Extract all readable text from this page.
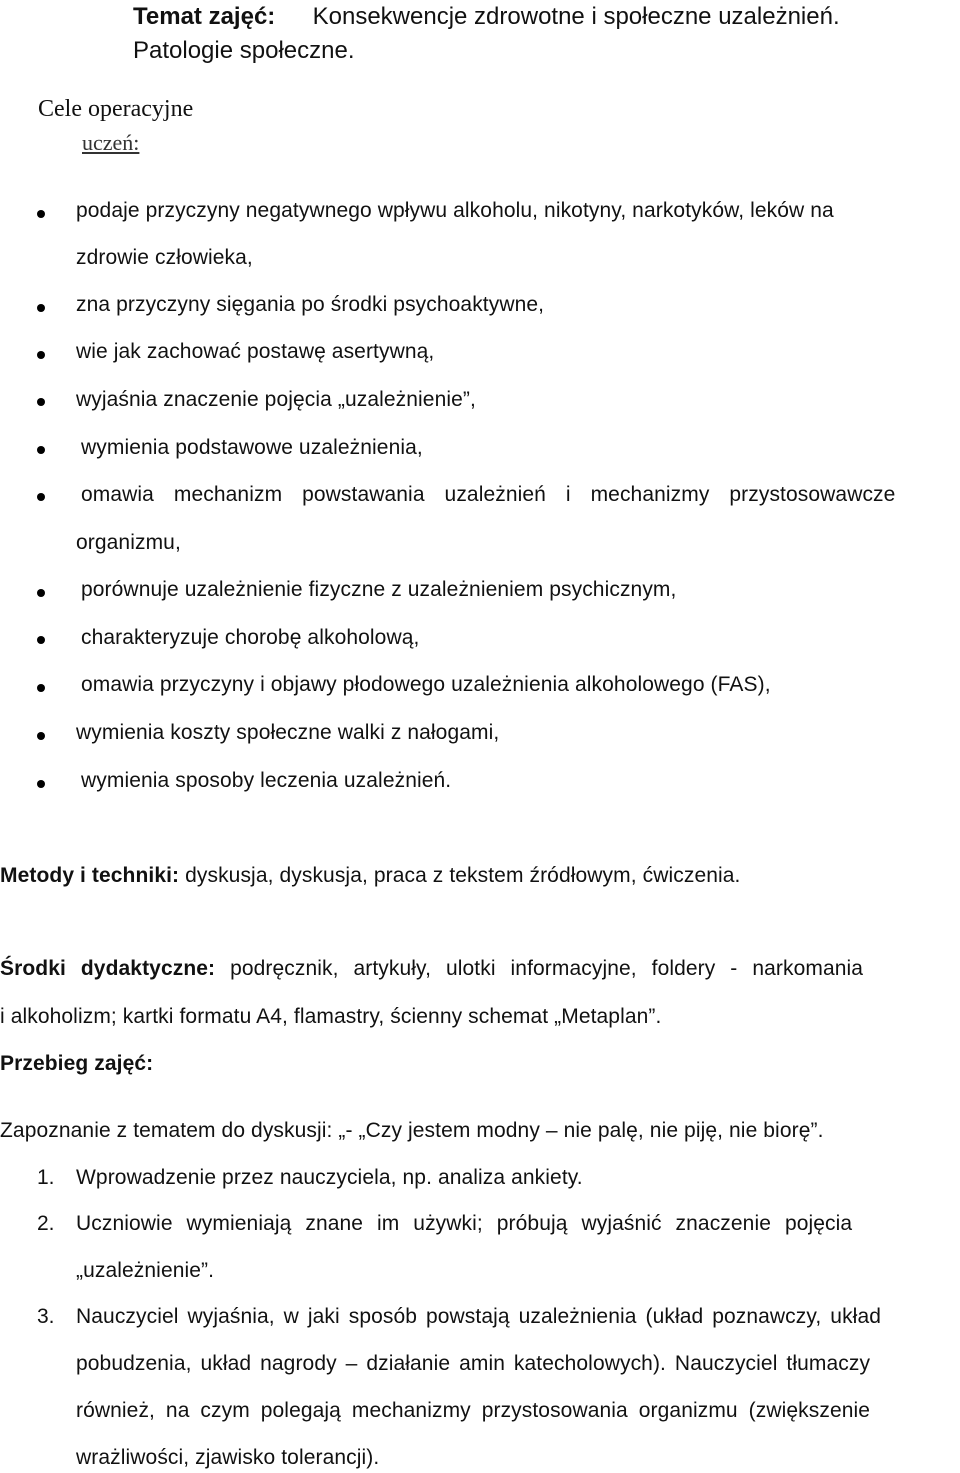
Temat zajęć: Konsekwencje zdrowotne i społeczne uzależnień.
Patologie społeczne.
Cele operacyjne
uczeń:
podaje przyczyny negatywnego wpływu alkoholu, nikotyny, narkotyków, leków na
zdrowie człowieka,
zna przyczyny sięgania po środki psychoaktywne,
wie jak zachować postawę asertywną,
wyjaśnia znaczenie pojęcia „uzależnienie”,
wymienia podstawowe uzależnienia,
omawia mechanizm powstawania uzależnień i mechanizmy przystosowawcze
organizmu,
porównuje uzależnienie fizyczne z uzależnieniem psychicznym,
charakteryzuje chorobę alkoholową,
omawia przyczyny i objawy płodowego uzależnienia alkoholowego (FAS),
wymienia koszty społeczne walki z nałogami,
wymienia sposoby leczenia uzależnień.
Metody i techniki: dyskusja, dyskusja, praca z tekstem źródłowym, ćwiczenia.
Środki dydaktyczne: podręcznik, artykuły, ulotki informacyjne, foldery - narkomania
i alkoholizm; kartki formatu A4, flamastry, ścienny schemat „Metaplan”.
Przebieg zajęć:
Zapoznanie z tematem do dyskusji: „- „Czy jestem modny – nie palę, nie piję, nie biorę”.
1. Wprowadzenie przez nauczyciela, np. analiza ankiety.
2. Uczniowie wymieniają znane im używki; próbują wyjaśnić znaczenie pojęcia
„uzależnienie”.
3. Nauczyciel wyjaśnia, w jaki sposób powstają uzależnienia (układ poznawczy, układ
pobudzenia, układ nagrody – działanie amin katecholowych). Nauczyciel tłumaczy
również, na czym polegają mechanizmy przystosowania organizmu (zwiększenie
wrażliwości, zjawisko tolerancji).
